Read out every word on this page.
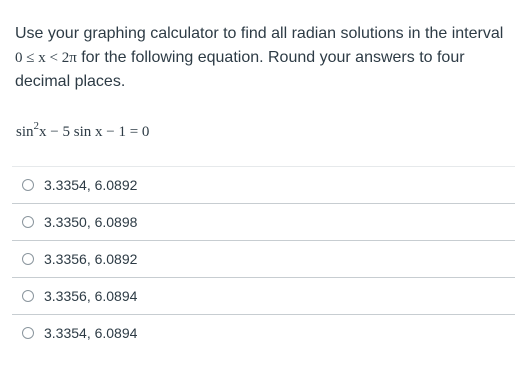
Use your graphing calculator to find all radian solutions in the interval
0 ≤ x < 2π for the following equation. Round your answers to four
decimal places.
$\sin^2x - 5$ sin x − 1 = 0
3.3354, 6.0892
3.3350, 6.0898
3.3356, 6.0892
3.3356, 6.0894
3.3354, 6.0894
